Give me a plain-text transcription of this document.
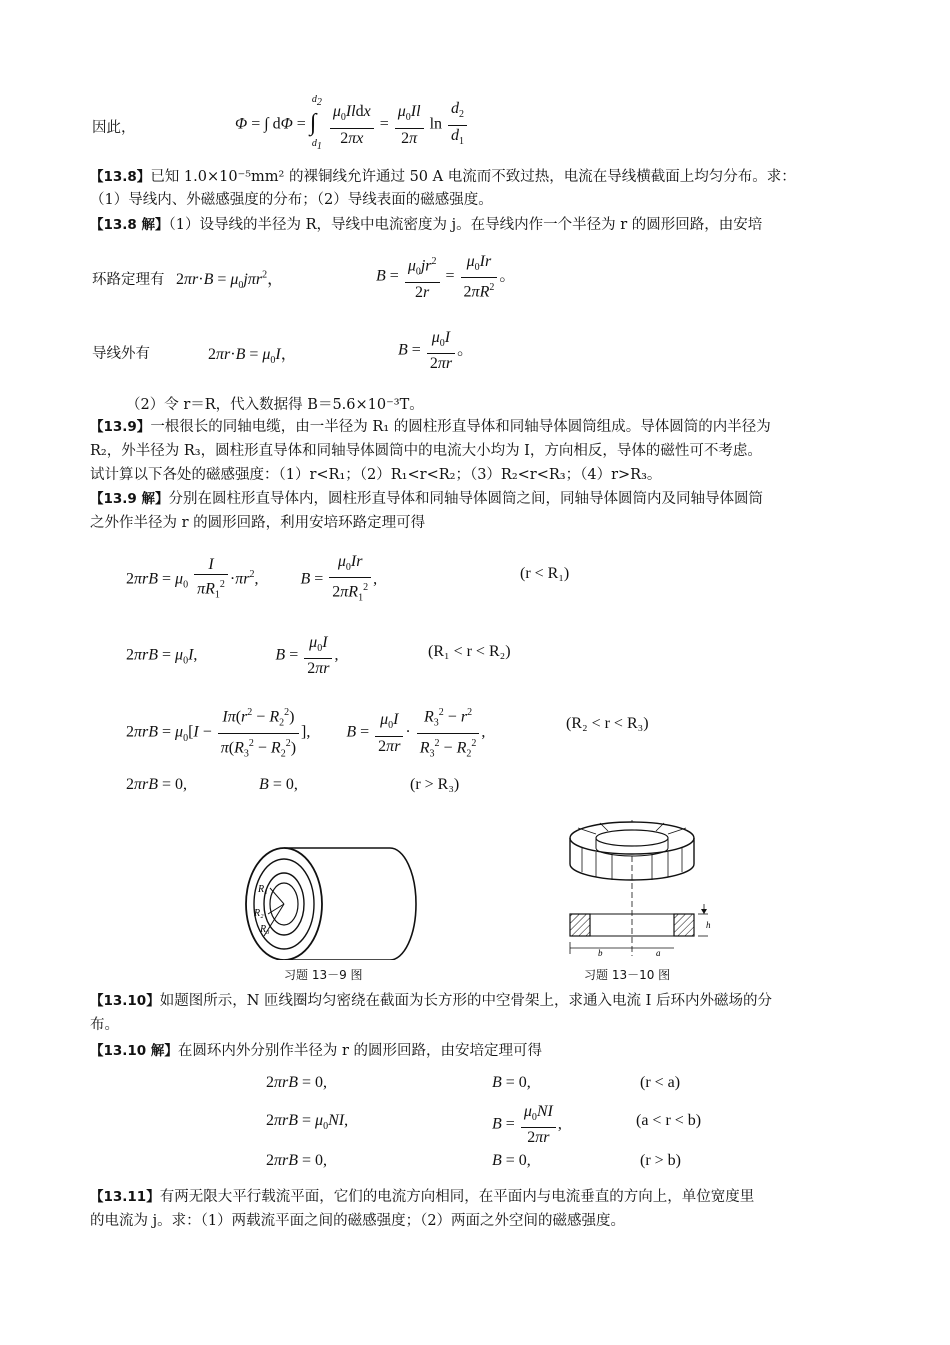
因此，	Φ = ∫ dΦ =
$d_2$
∫
$d_1$
$\frac{\mu_0Ildx}{2\pi x} = \frac{\mu_0Il}{2\pi}$ $\ln \frac{d_2}{d_1}$
【13.8】已知 1.0×10⁻⁵mm² 的裸铜线允许通过 50 A 电流而不致过热，电流在导线横截面上均匀分布。求：
（1）导线内、外磁感强度的分布；（2）导线表面的磁感强度。
【13.8 解】（1）设导线的半径为 R，导线中电流密度为 j。在导线内作一个半径为 r 的圆形回路，由安培
环路定理有 $2\pi r\cdot B = \mu_0j\pi r^2$，	$B = \frac{\mu_0jr^2}{2r} = \frac{\mu_0Ir}{2\pi R^2}$ 。
导线外有	$2\pi r\cdot B = \mu_0I$，	$B = \frac{\mu_0I}{2\pi r}$ 。
（2）令 r＝R，代入数据得 B＝5.6×10⁻³T。
【13.9】一根很长的同轴电缆，由一半径为 R₁ 的圆柱形直导体和同轴导体圆筒组成。导体圆筒的内半径为
R₂，外半径为 R₃，圆柱形直导体和同轴导体圆筒中的电流大小均为 I，方向相反，导体的磁性可不考虑。
试计算以下各处的磁感强度：（1）r<R₁；（2）R₁<r<R₂；（3）R₂<r<R₃；（4）r>R₃。
【13.9 解】分别在圆柱形直导体内，圆柱形直导体和同轴导体圆筒之间，同轴导体圆筒内及同轴导体圆筒
之外作半径为 r 的圆形回路，利用安培环路定理可得
$2\pi rB = \mu_0 \frac{I}{\pi R_1^2} \cdot\pi r^2$,  $B = \frac{\mu_0Ir}{2\pi R_1^2}$ ,	(r < R₁)
$2\pi rB = \mu_0I$,	$B = \frac{\mu_0I}{2\pi r}$ ,	(R₁ < r < R₂)
$2\pi rB = \mu_0[I - \frac{I\pi(r^2 - R_2^2)}{\pi(R_3^2 - R_2^2)}$ ],  $B = \frac{\mu_0I}{2\pi r} \cdot \frac{R_3^2 - r^2}{R_3^2 - R_2^2}$ ,
(R₂ < r < R₃)
2πrB = 0,	B = 0,	(r > R₃)
R₁
R₂
R₃
习题 13－9 图
b	a
h
习题 13－10 图
【13.10】如题图所示，N 匝线圈均匀密绕在截面为长方形的中空骨架上，求通入电流 I 后环内外磁场的分
布。
【13.10 解】在圆环内外分别作半径为 r 的圆形回路，由安培定理可得
2πrB = 0,	B = 0,	(r < a)
$2\pi rB = \mu_0NI$,	$B = \frac{\mu_0NI}{2\pi r}$ ,	(a < r < b)
2πrB = 0,	B = 0,	(r > b)
【13.11】有两无限大平行载流平面，它们的电流方向相同，在平面内与电流垂直的方向上，单位宽度里
的电流为 j。求：（1）两载流平面之间的磁感强度；（2）两面之外空间的磁感强度。
